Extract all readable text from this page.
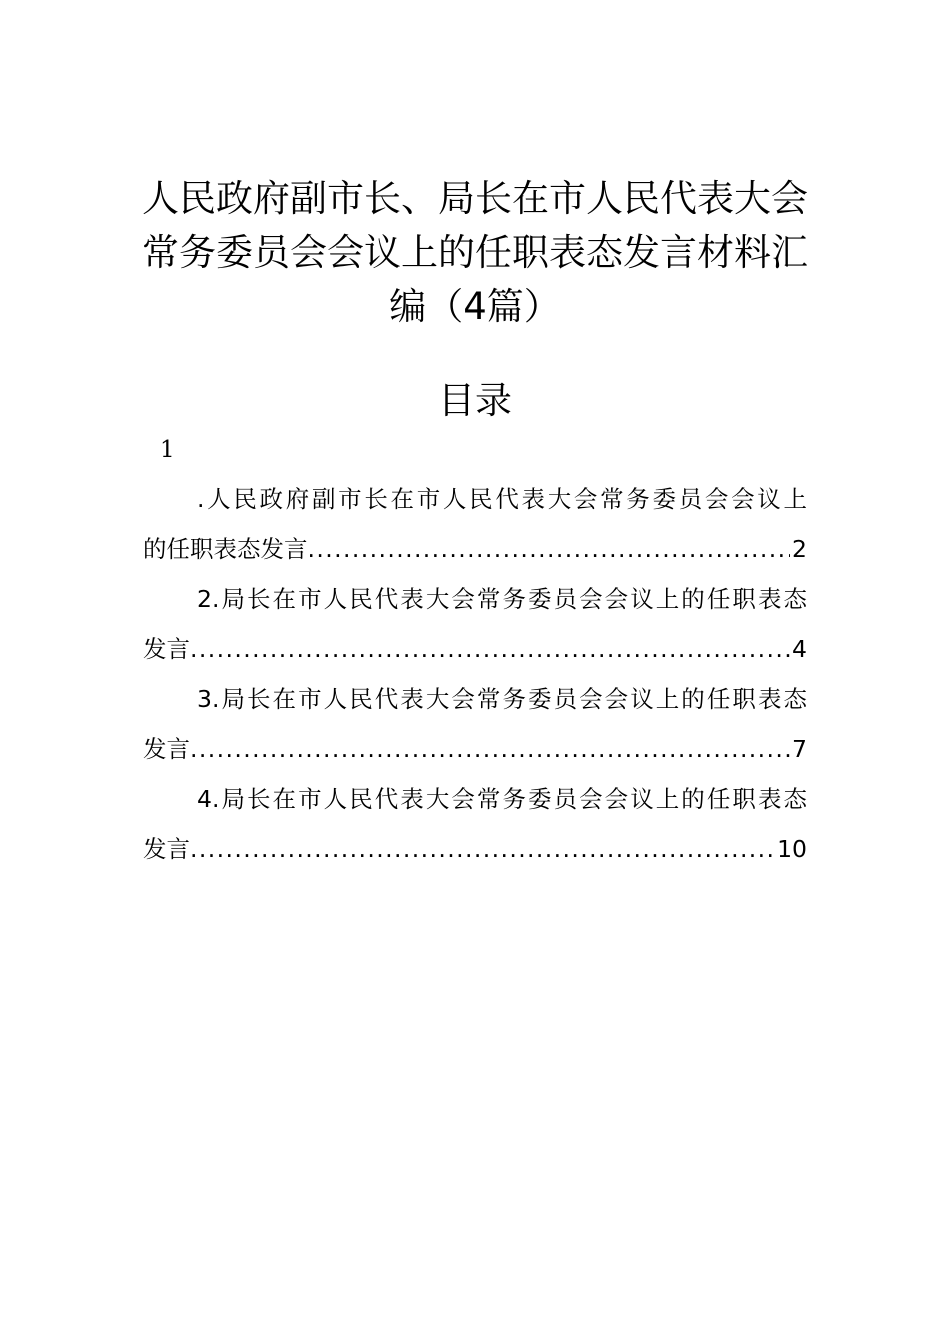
人民政府副市长、局长在市人民代表大会
常务委员会会议上的任职表态发言材料汇
编（4篇）
目录
1
.人民政府副市长在市人民代表大会常务委员会会议上
的任职表态发言 .....	2
2.局长在市人民代表大会常务委员会会议上的任职表态
发言 .....	4
3.局长在市人民代表大会常务委员会会议上的任职表态
发言 .....	7
4.局长在市人民代表大会常务委员会会议上的任职表态
发言 .....	10
